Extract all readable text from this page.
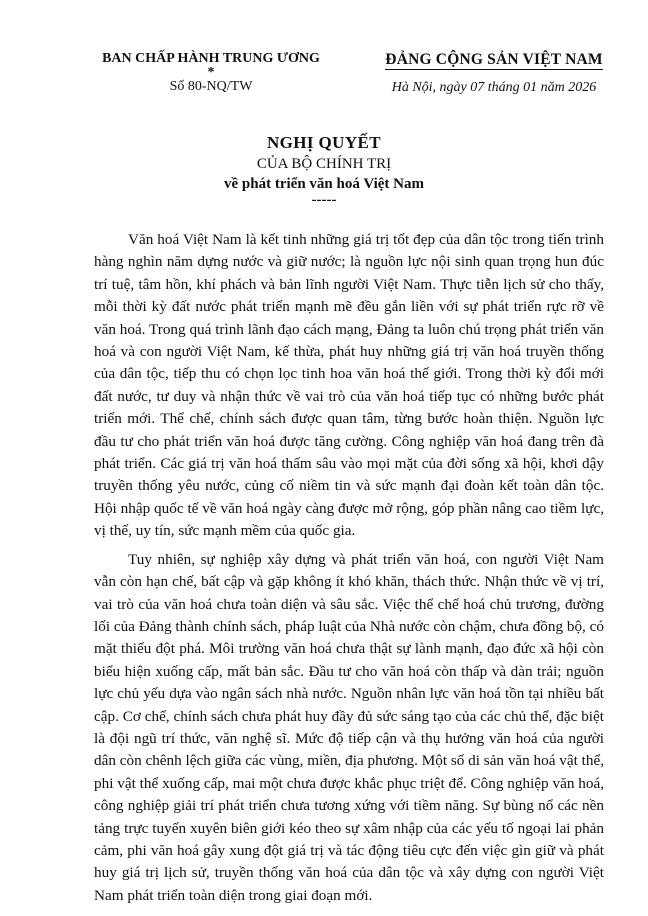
BAN CHẤP HÀNH TRUNG ƯƠNG
*
Số 80-NQ/TW
ĐẢNG CỘNG SẢN VIỆT NAM
Hà Nội, ngày 07 tháng 01 năm 2026
NGHỊ QUYẾT
CỦA BỘ CHÍNH TRỊ
về phát triển văn hoá Việt Nam
-----

Văn hoá Việt Nam là kết tinh những giá trị tốt đẹp của dân tộc trong tiến trình hàng nghìn năm dựng nước và giữ nước; là nguồn lực nội sinh quan trọng hun đúc trí tuệ, tâm hồn, khí phách và bản lĩnh người Việt Nam. Thực tiễn lịch sử cho thấy, mỗi thời kỳ đất nước phát triển mạnh mẽ đều gắn liền với sự phát triển rực rỡ về văn hoá. Trong quá trình lãnh đạo cách mạng, Đảng ta luôn chú trọng phát triển văn hoá và con người Việt Nam, kế thừa, phát huy những giá trị văn hoá truyền thống của dân tộc, tiếp thu có chọn lọc tinh hoa văn hoá thế giới. Trong thời kỳ đổi mới đất nước, tư duy và nhận thức về vai trò của văn hoá tiếp tục có những bước phát triển mới. Thể chế, chính sách được quan tâm, từng bước hoàn thiện. Nguồn lực đầu tư cho phát triển văn hoá được tăng cường. Công nghiệp văn hoá đang trên đà phát triển. Các giá trị văn hoá thấm sâu vào mọi mặt của đời sống xã hội, khơi dậy truyền thống yêu nước, củng cố niềm tin và sức mạnh đại đoàn kết toàn dân tộc. Hội nhập quốc tế về văn hoá ngày càng được mở rộng, góp phần nâng cao tiềm lực, vị thế, uy tín, sức mạnh mềm của quốc gia.

Tuy nhiên, sự nghiệp xây dựng và phát triển văn hoá, con người Việt Nam vẫn còn hạn chế, bất cập và gặp không ít khó khăn, thách thức. Nhận thức về vị trí, vai trò của văn hoá chưa toàn diện và sâu sắc. Việc thể chế hoá chủ trương, đường lối của Đảng thành chính sách, pháp luật của Nhà nước còn chậm, chưa đồng bộ, có mặt thiếu đột phá. Môi trường văn hoá chưa thật sự lành mạnh, đạo đức xã hội còn biểu hiện xuống cấp, mất bản sắc. Đầu tư cho văn hoá còn thấp và dàn trải; nguồn lực chủ yếu dựa vào ngân sách nhà nước. Nguồn nhân lực văn hoá tồn tại nhiều bất cập. Cơ chế, chính sách chưa phát huy đầy đủ sức sáng tạo của các chủ thể, đặc biệt là đội ngũ trí thức, văn nghệ sĩ. Mức độ tiếp cận và thụ hưởng văn hoá của người dân còn chênh lệch giữa các vùng, miền, địa phương. Một số di sản văn hoá vật thể, phi vật thể xuống cấp, mai một chưa được khắc phục triệt để. Công nghiệp văn hoá, công nghiệp giải trí phát triển chưa tương xứng với tiềm năng. Sự bùng nổ các nền tảng trực tuyến xuyên biên giới kéo theo sự xâm nhập của các yếu tố ngoại lai phản cảm, phi văn hoá gây xung đột giá trị và tác động tiêu cực đến việc gìn giữ và phát huy giá trị lịch sử, truyền thống văn hoá của dân tộc và xây dựng con người Việt Nam phát triển toàn diện trong giai đoạn mới.
